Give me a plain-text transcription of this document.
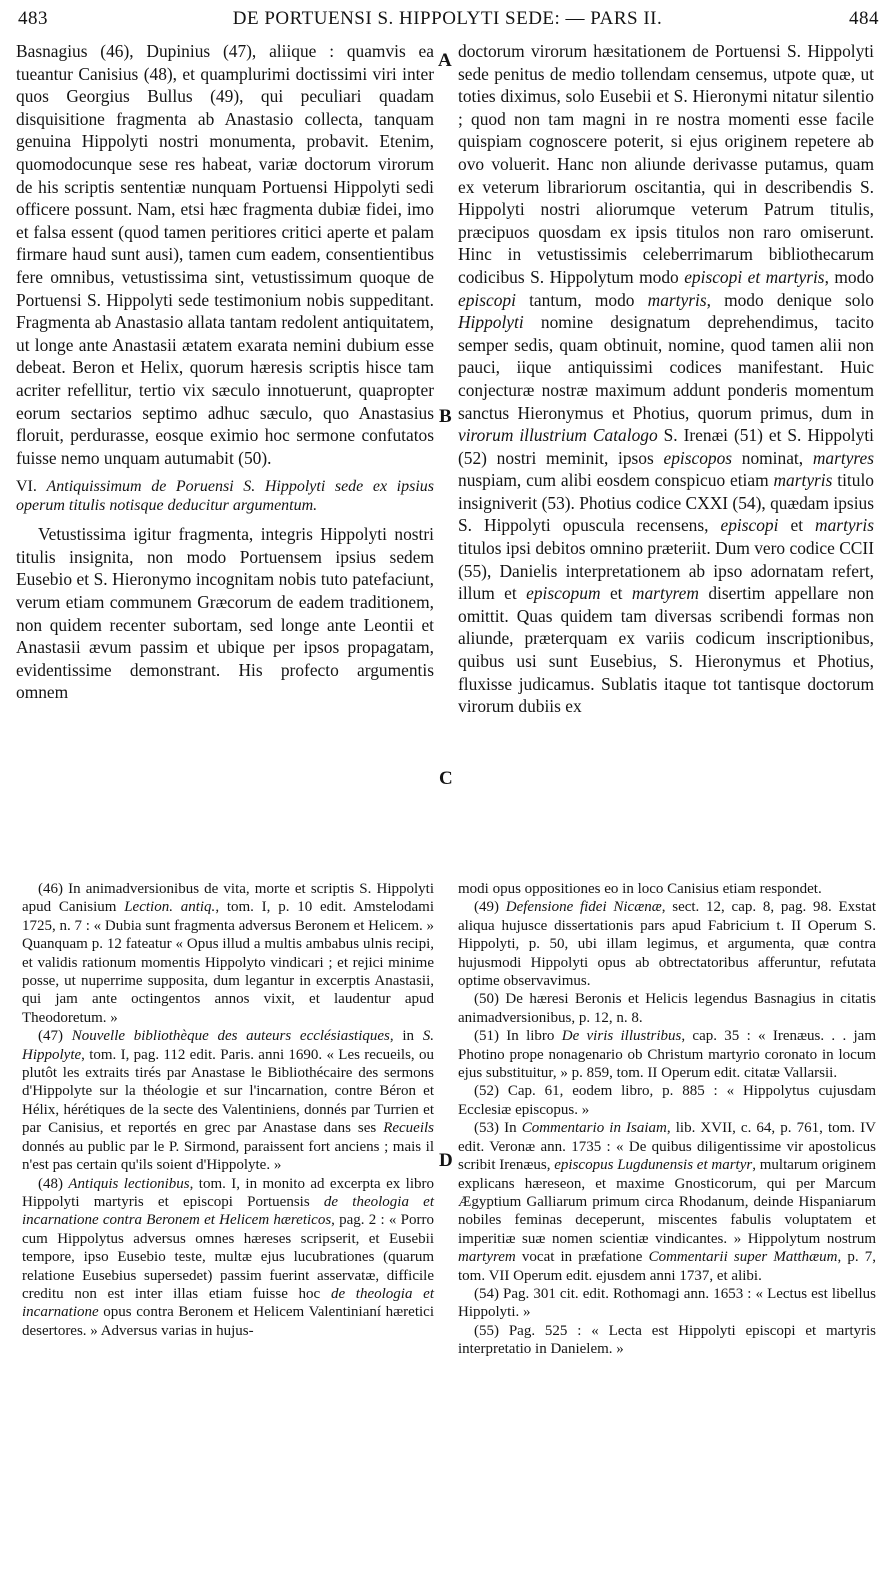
483	DE PORTUENSI S. HIPPOLYTI SEDE: — PARS II.	484
A
B
C
D

Basnagius (46), Dupinius (47), aliique : quamvis ea tueantur Canisius (48), et quamplurimi doctissimi viri inter quos Georgius Bullus (49), qui peculiari quadam disquisitione fragmenta ab Anastasio collecta, tanquam genuina Hippolyti nostri monumenta, probavit. Etenim, quomodocunque sese res habeat, variæ doctorum virorum de his scriptis sententiæ nunquam Portuensi Hippolyti sedi officere possunt. Nam, etsi hæc fragmenta dubiæ fidei, imo et falsa essent (quod tamen peritiores critici aperte et palam firmare haud sunt ausi), tamen cum eadem, consentientibus fere omnibus, vetustissima sint, vetustissimum quoque de Portuensi S. Hippolyti sede testimonium nobis suppeditant. Fragmenta ab Anastasio allata tantam redolent antiquitatem, ut longe ante Anastasii ætatem exarata nemini dubium esse debeat. Beron et Helix, quorum hæresis scriptis hisce tam acriter refellitur, tertio vix sæculo innotuerunt, quapropter eorum sectarios septimo adhuc sæculo, quo Anastasius floruit, perdurasse, eosque eximio hoc sermone confutatos fuisse nemo unquam autumabit (50).

VI. Antiquissimum de Poruensi S. Hippolyti sede ex ipsius operum titulis notisque deducitur argumentum.

Vetustissima igitur fragmenta, integris Hippolyti nostri titulis insignita, non modo Portuensem ipsius sedem Eusebio et S. Hieronymo incognitam nobis tuto patefaciunt, verum etiam communem Græcorum de eadem traditionem, non quidem recenter subortam, sed longe ante Leontii et Anastasii ævum passim et ubique per ipsos propagatam, evidentissime demonstrant. His profecto argumentis omnem

doctorum virorum hæsitationem de Portuensi S. Hippolyti sede penitus de medio tollendam censemus, utpote quæ, ut toties diximus, solo Eusebii et S. Hieronymi nitatur silentio ; quod non tam magni in re nostra momenti esse facile quispiam cognoscere poterit, si ejus originem repetere ab ovo voluerit. Hanc non aliunde derivasse putamus, quam ex veterum librariorum oscitantia, qui in describendis S. Hippolyti nostri aliorumque veterum Patrum titulis, præcipuos quosdam ex ipsis titulos non raro omiserunt. Hinc in vetustissimis celeberrimarum bibliothecarum codicibus S. Hippolytum modo episcopi et martyris, modo episcopi tantum, modo martyris, modo denique solo Hippolyti nomine designatum deprehendimus, tacito semper sedis, quam obtinuit, nomine, quod tamen alii non pauci, iique antiquissimi codices manifestant. Huic conjecturæ nostræ maximum addunt ponderis momentum sanctus Hieronymus et Photius, quorum primus, dum in virorum illustrium Catalogo S. Irenæi (51) et S. Hippolyti (52) nostri meminit, ipsos episcopos nominat, martyres nuspiam, cum alibi eosdem conspicuo etiam martyris titulo insigniverit (53). Photius codice CXXI (54), quædam ipsius S. Hippolyti opuscula recensens, episcopi et martyris titulos ipsi debitos omnino præteriit. Dum vero codice CCII (55), Danielis interpretationem ab ipso adornatam refert, illum et episcopum et martyrem disertim appellare non omittit. Quas quidem tam diversas scribendi formas non aliunde, præterquam ex variis codicum inscriptionibus, quibus usi sunt Eusebius, S. Hieronymus et Photius, fluxisse judicamus. Sublatis itaque tot tantisque doctorum virorum dubiis ex

(46) In animadversionibus de vita, morte et scriptis S. Hippolyti apud Canisium Lection. antiq., tom. I, p. 10 edit. Amstelodami 1725, n. 7 : « Dubia sunt fragmenta adversus Beronem et Helicem. » Quanquam p. 12 fateatur « Opus illud a multis ambabus ulnis recipi, et validis rationum momentis Hippolyto vindicari ; et rejici minime posse, ut nuperrime supposita, dum legantur in excerptis Anastasii, qui jam ante octingentos annos vixit, et laudentur apud Theodoretum. »

(47) Nouvelle bibliothèque des auteurs ecclésiastiques, in S. Hippolyte, tom. I, pag. 112 edit. Paris. anni 1690. « Les recueils, ou plutôt les extraits tirés par Anastase le Bibliothécaire des sermons d'Hippolyte sur la théologie et sur l'incarnation, contre Béron et Hélix, hérétiques de la secte des Valentiniens, donnés par Turrien et par Canisius, et reportés en grec par Anastase dans ses Recueils donnés au public par le P. Sirmond, paraissent fort anciens ; mais il n'est pas certain qu'ils soient d'Hippolyte. »

(48) Antiquis lectionibus, tom. I, in monito ad excerpta ex libro Hippolyti martyris et episcopi Portuensis de theologia et incarnatione contra Beronem et Helicem hæreticos, pag. 2 : « Porro cum Hippolytus adversus omnes hæreses scripserit, et Eusebii tempore, ipso Eusebio teste, multæ ejus lucubrationes (quarum relatione Eusebius supersedet) passim fuerint asservatæ, difficile creditu non est inter illas etiam fuisse hoc de theologia et incarnatione opus contra Beronem et Helicem Valentinianí hæretici desertores. » Adversus varias in hujus-

modi opus oppositiones eo in loco Canisius etiam respondet.

(49) Defensione fidei Nicænæ, sect. 12, cap. 8, pag. 98. Exstat aliqua hujusce dissertationis pars apud Fabricium t. II Operum S. Hippolyti, p. 50, ubi illam legimus, et argumenta, quæ contra hujusmodi Hippolyti opus ab obtrectatoribus afferuntur, refutata optime observavimus.

(50) De hæresi Beronis et Helicis legendus Basnagius in citatis animadversionibus, p. 12, n. 8.

(51) In libro De viris illustribus, cap. 35 : « Irenæus. . . jam Photino prope nonagenario ob Christum martyrio coronato in locum ejus substituitur, » p. 859, tom. II Operum edit. citatæ Vallarsii.

(52) Cap. 61, eodem libro, p. 885 : « Hippolytus cujusdam Ecclesiæ episcopus. »

(53) In Commentario in Isaiam, lib. XVII, c. 64, p. 761, tom. IV edit. Veronæ ann. 1735 : « De quibus diligentissime vir apostolicus scribit Irenæus, episcopus Lugdunensis et martyr, multarum originem explicans hæreseon, et maxime Gnosticorum, qui per Marcum Ægyptium Galliarum primum circa Rhodanum, deinde Hispaniarum nobiles feminas deceperunt, miscentes fabulis voluptatem et imperitiæ suæ nomen scientiæ vindicantes. » Hippolytum nostrum martyrem vocat in præfatione Commentarii super Matthæum, p. 7, tom. VII Operum edit. ejusdem anni 1737, et alibi.

(54) Pag. 301 cit. edit. Rothomagi ann. 1653 : « Lectus est libellus Hippolyti. »

(55) Pag. 525 : « Lecta est Hippolyti episcopi et martyris interpretatio in Danielem. »
